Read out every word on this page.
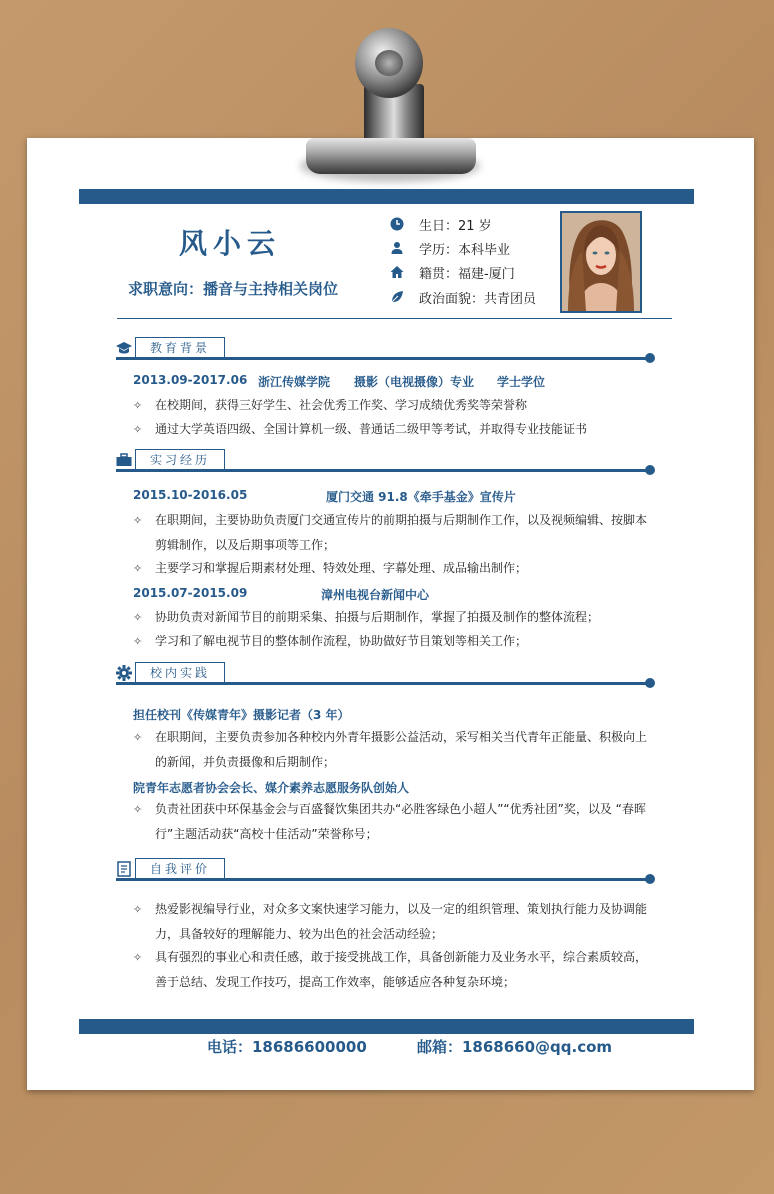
风小云
求职意向：播音与主持相关岗位
生日：21 岁
学历：本科毕业
籍贯：福建-厦门
政治面貌：共青团员
教育背景
2013.09-2017.06 浙江传媒学院 摄影（电视摄像）专业 学士学位
✧	在校期间，获得三好学生、社会优秀工作奖、学习成绩优秀奖等荣誉称
✧	通过大学英语四级、全国计算机一级、普通话二级甲等考试，并取得专业技能证书
实习经历
2015.10-2016.05	厦门交通 91.8《牵手基金》宣传片
✧	在职期间，主要协助负责厦门交通宣传片的前期拍摄与后期制作工作，以及视频编辑、按脚本剪辑制作，以及后期事项等工作；
✧	主要学习和掌握后期素材处理、特效处理、字幕处理、成品输出制作；
2015.07-2015.09	漳州电视台新闻中心
✧	协助负责对新闻节目的前期采集、拍摄与后期制作，掌握了拍摄及制作的整体流程；
✧	学习和了解电视节目的整体制作流程，协助做好节目策划等相关工作；
校内实践
担任校刊《传媒青年》摄影记者（3 年）
✧	在职期间，主要负责参加各种校内外青年摄影公益活动，采写相关当代青年正能量、积极向上的新闻，并负责摄像和后期制作；
院青年志愿者协会会长、媒介素养志愿服务队创始人
✧	负责社团获中环保基金会与百盛餐饮集团共办“必胜客绿色小超人”“优秀社团”奖，以及 “春晖行”主题活动获“高校十佳活动”荣誉称号；
自我评价
✧	热爱影视编导行业，对众多文案快速学习能力，以及一定的组织管理、策划执行能力及协调能力，具备较好的理解能力、较为出色的社会活动经验；
✧	具有强烈的事业心和责任感，敢于接受挑战工作，具备创新能力及业务水平，综合素质较高，善于总结、发现工作技巧，提高工作效率，能够适应各种复杂环境；
电话：18686600000	邮箱：1868660@qq.com
